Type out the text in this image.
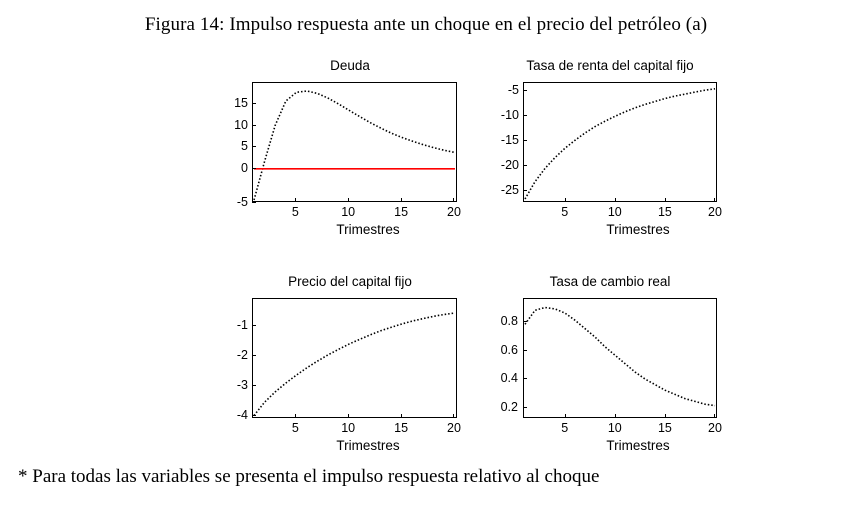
Figura 14: Impulso respuesta ante un choque en el precio del petróleo (a)
Deuda
-5
0
5
10
15
5	10	15	20
Trimestres
Tasa de renta del capital fijo
-25
-20
-15
-10
-5
5	10	15	20
Trimestres
Precio del capital fijo
-4
-3
-2
-1
5	10	15	20
Trimestres
Tasa de cambio real
0.2
0.4
0.6
0.8
5	10	15	20
Trimestres
* Para todas las variables se presenta el impulso respuesta relativo al choque
